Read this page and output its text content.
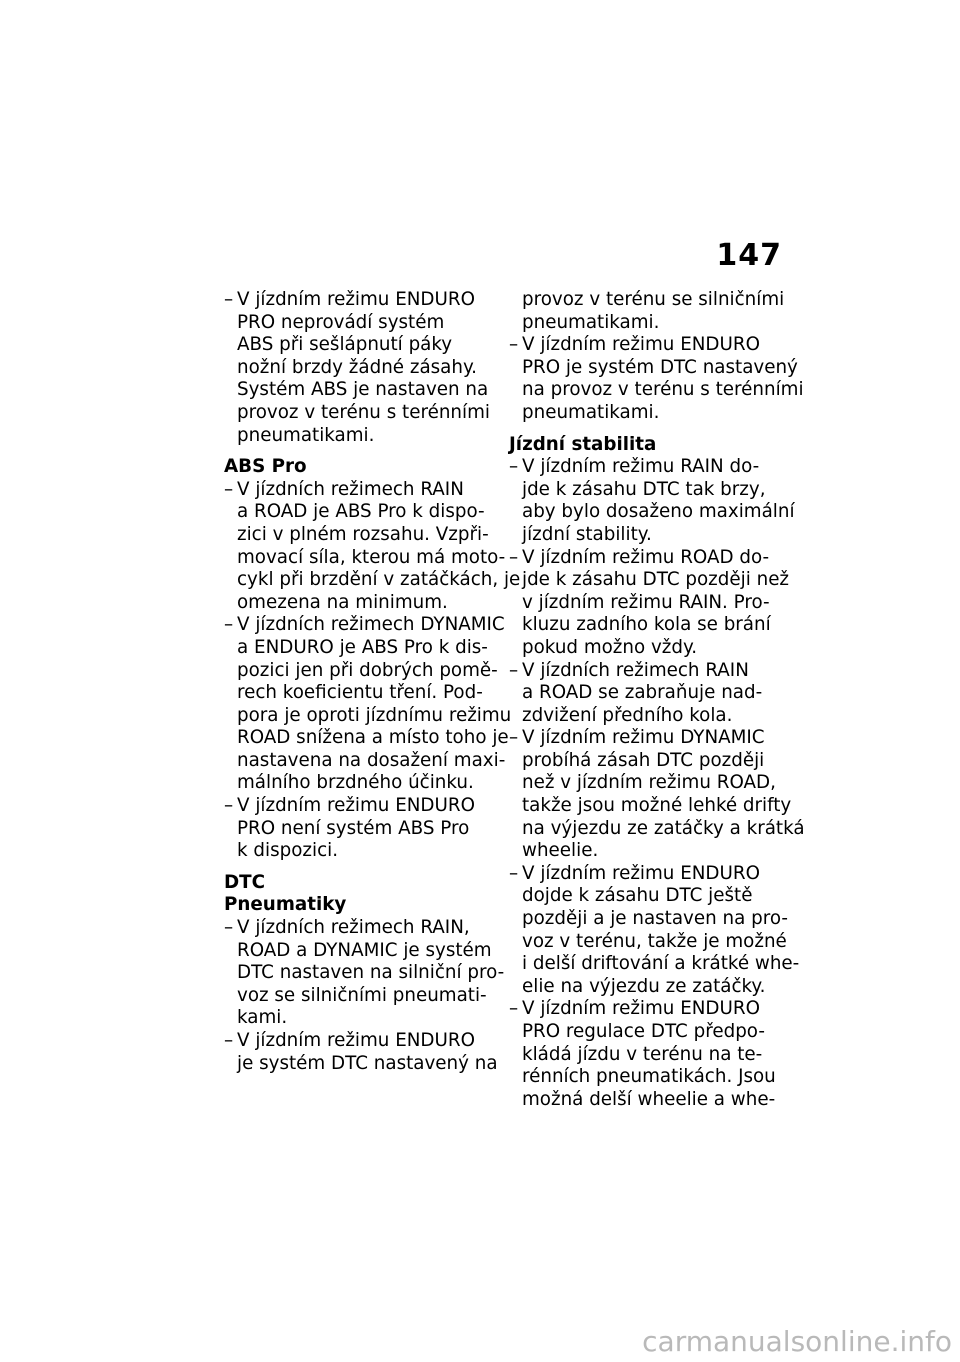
147
– V jízdním režimu ENDURO
PRO neprovádí systém
ABS při sešlápnutí páky
nožní brzdy žádné zásahy.
Systém ABS je nastaven na
provoz v terénu s terénními
pneumatikami.

ABS Pro

– V jízdních režimech RAIN
a ROAD je ABS Pro k dispo-
zici v plném rozsahu. Vzpři-
movací síla, kterou má moto-
cykl při brzdění v zatáčkách, je
omezena na minimum.
– V jízdních režimech DYNAMIC
a ENDURO je ABS Pro k dis-
pozici jen při dobrých pomě-
rech koeficientu tření. Pod-
pora je oproti jízdnímu režimu
ROAD snížena a místo toho je
nastavena na dosažení maxi-
málního brzdného účinku.
– V jízdním režimu ENDURO
PRO není systém ABS Pro
k dispozici.

DTC

Pneumatiky

– V jízdních režimech RAIN,
ROAD a DYNAMIC je systém
DTC nastaven na silniční pro-
voz se silničními pneumati-
kami.
– V jízdním režimu ENDURO
je systém DTC nastavený na
provoz v terénu se silničními
pneumatikami.
– V jízdním režimu ENDURO
PRO je systém DTC nastavený
na provoz v terénu s terénními
pneumatikami.

Jízdní stabilita

– V jízdním režimu RAIN do-
jde k zásahu DTC tak brzy,
aby bylo dosaženo maximální
jízdní stability.
– V jízdním režimu ROAD do-
jde k zásahu DTC později než
v jízdním režimu RAIN. Pro-
kluzu zadního kola se brání
pokud možno vždy.
– V jízdních režimech RAIN
a ROAD se zabraňuje nad-
zdvižení předního kola.
– V jízdním režimu DYNAMIC
probíhá zásah DTC později
než v jízdním režimu ROAD,
takže jsou možné lehké drifty
na výjezdu ze zatáčky a krátká
wheelie.
– V jízdním režimu ENDURO
dojde k zásahu DTC ještě
později a je nastaven na pro-
voz v terénu, takže je možné
i delší driftování a krátké whe-
elie na výjezdu ze zatáčky.
– V jízdním režimu ENDURO
PRO regulace DTC předpo-
kládá jízdu v terénu na te-
rénních pneumatikách. Jsou
možná delší wheelie a whe-
carmanualsonline.info
